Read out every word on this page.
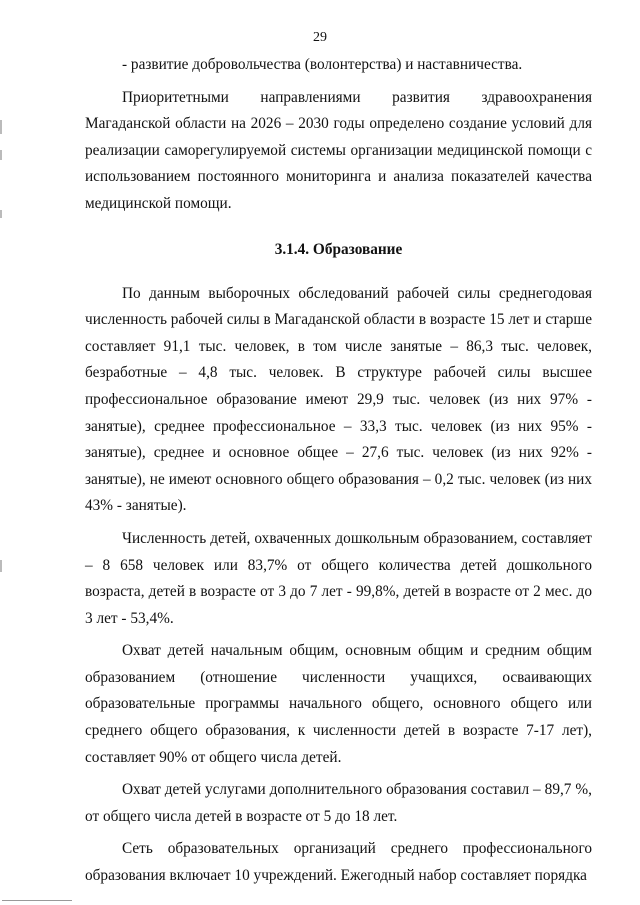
29

- развитие добровольчества (волонтерства) и наставничества.

Приоритетными направлениями развития здравоохранения Магаданской области на 2026 – 2030 годы определено создание условий для реализации саморегулируемой системы организации медицинской помощи с использованием постоянного мониторинга и анализа показателей качества медицинской помощи.

3.1.4. Образование

По данным выборочных обследований рабочей силы среднегодовая численность рабочей силы в Магаданской области в возрасте 15 лет и старше составляет 91,1 тыс. человек, в том числе занятые – 86,3 тыс. человек, безработные – 4,8 тыс. человек. В структуре рабочей силы высшее профессиональное образование имеют 29,9 тыс. человек (из них 97% - занятые), среднее профессиональное – 33,3 тыс. человек (из них 95% - занятые), среднее и основное общее – 27,6 тыс. человек (из них 92% - занятые), не имеют основного общего образования – 0,2 тыс. человек (из них 43% - занятые).

Численность детей, охваченных дошкольным образованием, составляет – 8 658 человек или 83,7% от общего количества детей дошкольного возраста, детей в возрасте от 3 до 7 лет - 99,8%, детей в возрасте от 2 мес. до 3 лет - 53,4%.

Охват детей начальным общим, основным общим и средним общим образованием (отношение численности учащихся, осваивающих образовательные программы начального общего, основного общего или среднего общего образования, к численности детей в возрасте 7-17 лет), составляет 90% от общего числа детей.

Охват детей услугами дополнительного образования составил – 89,7 %, от общего числа детей в возрасте от 5 до 18 лет.

Сеть образовательных организаций среднего профессионального образования включает 10 учреждений. Ежегодный набор составляет порядка
